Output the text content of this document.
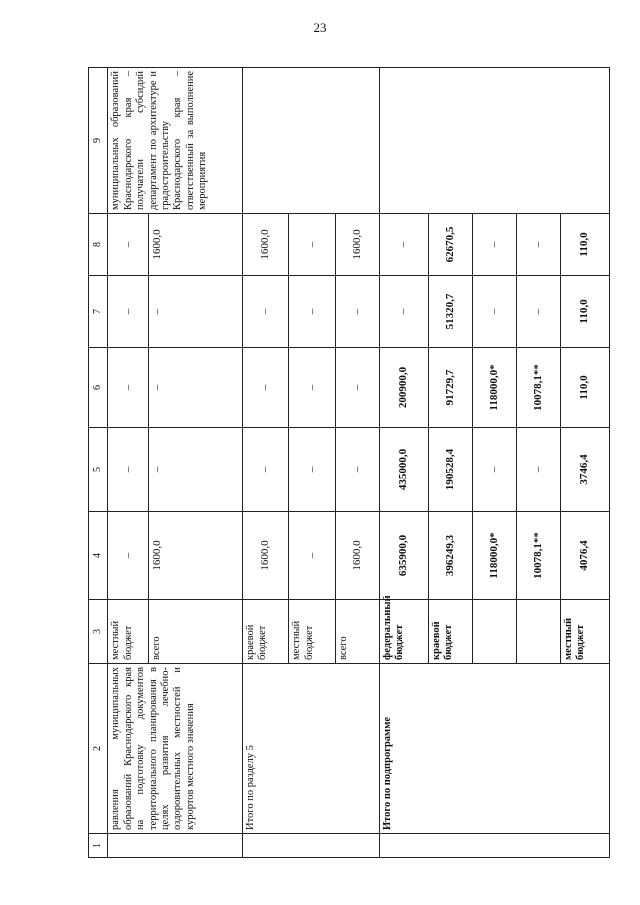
23
1	2	3	4	5	6	7	8	9
	равления муниципальных образований Краснодарского края на подготовку документов территориального планирования в целях развития лечебно-оздоровительных местностей и курортов местного значения	местный бюджет	–	–	–	–	–	муниципальных образований Краснодарского края – получатели субсидий департамент по архитектуре и градостроительству Краснодарского края – ответственный за выполнение мероприятия
		всего	1600,0	–	–	–	1600,0	
	Итого по разделу 5	краевой бюджет	1600,0	–	–	–	1600,0	
		местный бюджет	–	–	–	–	–	
		всего	1600,0	–	–	–	1600,0	
	Итого по подпрограмме	федеральный бюджет	635900,0	435000,0	200900,0	–	–	
		краевой бюджет	396249,3	190528,4	91729,7	51320,7	62670,5	
			118000,0*	–	118000,0*	–	–	
			10078,1**	–	10078,1**	–	–	
		местный бюджет	4076,4	3746,4	110,0	110,0	110,0	
